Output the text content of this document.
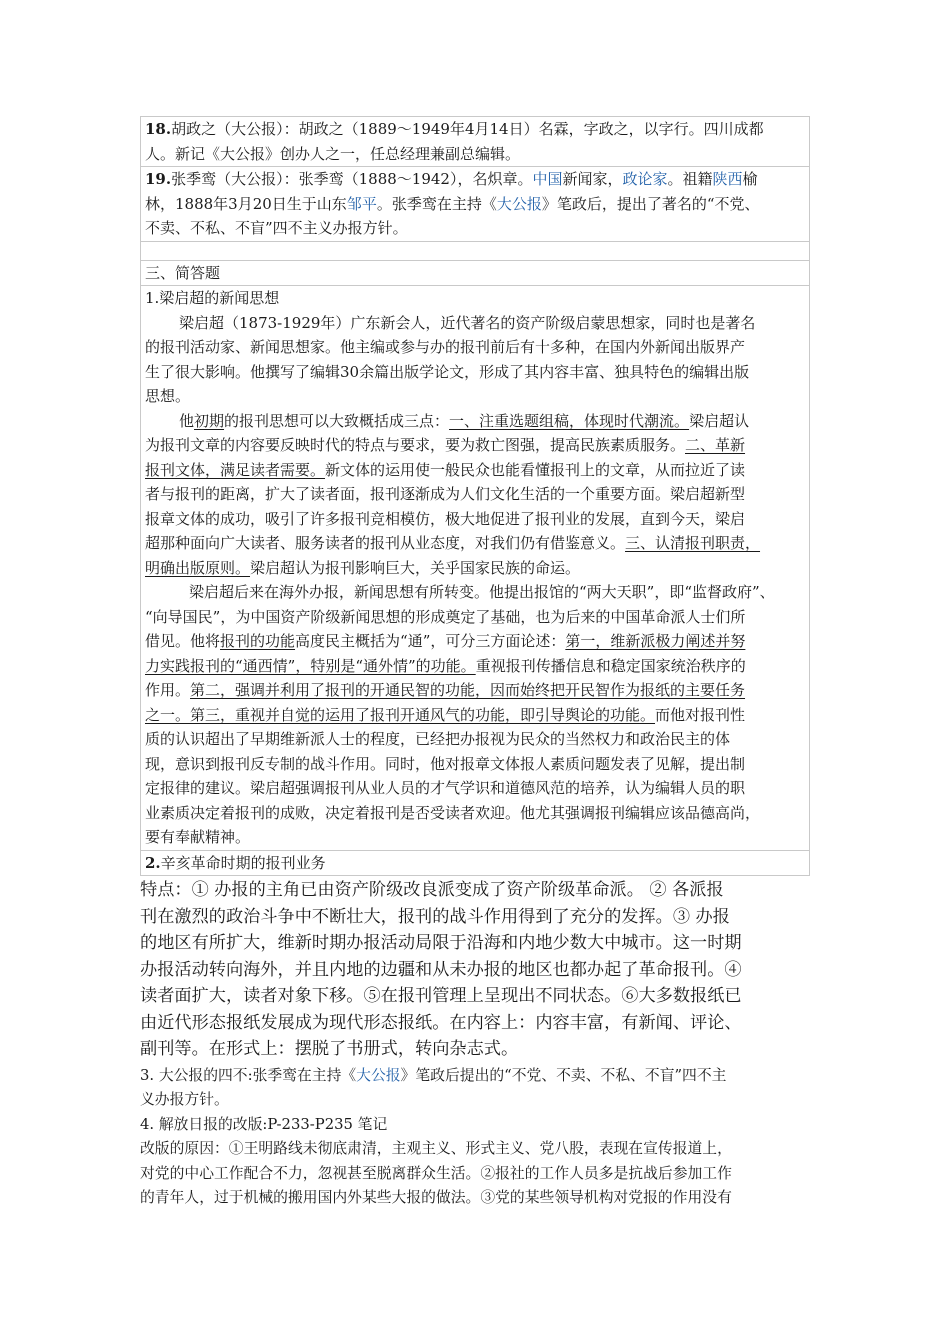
18.胡政之（大公报）：胡政之（1889～1949年4月14日）名霖，字政之，以字行。四川成都
人。新记《大公报》创办人之一，任总经理兼副总编辑。
19.张季鸾（大公报）：张季鸾（1888～1942），名炽章。中国新闻家，政论家。祖籍陕西榆
林，1888年3月20日生于山东邹平。张季鸾在主持《大公报》笔政后，提出了著名的“不党、
不卖、不私、不盲”四不主义办报方针。
三、简答题
1.梁启超的新闻思想
梁启超（1873-1929年）广东新会人，近代著名的资产阶级启蒙思想家，同时也是著名
的报刊活动家、新闻思想家。他主编或参与办的报刊前后有十多种，在国内外新闻出版界产
生了很大影响。他撰写了编辑30余篇出版学论文，形成了其内容丰富、独具特色的编辑出版
思想。
他初期的报刊思想可以大致概括成三点：一、注重选题组稿，体现时代潮流。梁启超认
为报刊文章的内容要反映时代的特点与要求，要为救亡图强，提高民族素质服务。二、革新
报刊文体，满足读者需要。新文体的运用使一般民众也能看懂报刊上的文章，从而拉近了读
者与报刊的距离，扩大了读者面，报刊逐渐成为人们文化生活的一个重要方面。梁启超新型
报章文体的成功，吸引了许多报刊竞相模仿，极大地促进了报刊业的发展，直到今天，梁启
超那种面向广大读者、服务读者的报刊从业态度，对我们仍有借鉴意义。三、认清报刊职责，
明确出版原则。梁启超认为报刊影响巨大，关乎国家民族的命运。
梁启超后来在海外办报，新闻思想有所转变。他提出报馆的“两大天职”，即“监督政府”、
“向导国民”，为中国资产阶级新闻思想的形成奠定了基础，也为后来的中国革命派人士们所
借见。他将报刊的功能高度民主概括为“通”，可分三方面论述：第一，维新派极力阐述并努
力实践报刊的“通西情”，特别是“通外情”的功能。重视报刊传播信息和稳定国家统治秩序的
作用。第二，强调并利用了报刊的开通民智的功能，因而始终把开民智作为报纸的主要任务
之一。第三，重视并自觉的运用了报刊开通风气的功能，即引导舆论的功能。而他对报刊性
质的认识超出了早期维新派人士的程度，已经把办报视为民众的当然权力和政治民主的体
现，意识到报刊反专制的战斗作用。同时，他对报章文体报人素质问题发表了见解，提出制
定报律的建议。梁启超强调报刊从业人员的才气学识和道德风范的培养，认为编辑人员的职
业素质决定着报刊的成败，决定着报刊是否受读者欢迎。他尤其强调报刊编辑应该品德高尚，
要有奉献精神。
2.辛亥革命时期的报刊业务
特点：① 办报的主角已由资产阶级改良派变成了资产阶级革命派。 ② 各派报
刊在激烈的政治斗争中不断壮大，报刊的战斗作用得到了充分的发挥。③ 办报
的地区有所扩大，维新时期办报活动局限于沿海和内地少数大中城市。这一时期
办报活动转向海外，并且内地的边疆和从未办报的地区也都办起了革命报刊。④
读者面扩大，读者对象下移。⑤在报刊管理上呈现出不同状态。⑥大多数报纸已
由近代形态报纸发展成为现代形态报纸。在内容上：内容丰富，有新闻、评论、
副刊等。在形式上：摆脱了书册式，转向杂志式。
3. 大公报的四不:张季鸾在主持《大公报》笔政后提出的“不党、不卖、不私、不盲”四不主
义办报方针。
4. 解放日报的改版:P-233-P235 笔记
改版的原因：①王明路线未彻底肃清，主观主义、形式主义、党八股，表现在宣传报道上，
对党的中心工作配合不力，忽视甚至脱离群众生活。②报社的工作人员多是抗战后参加工作
的青年人，过于机械的搬用国内外某些大报的做法。③党的某些领导机构对党报的作用没有
